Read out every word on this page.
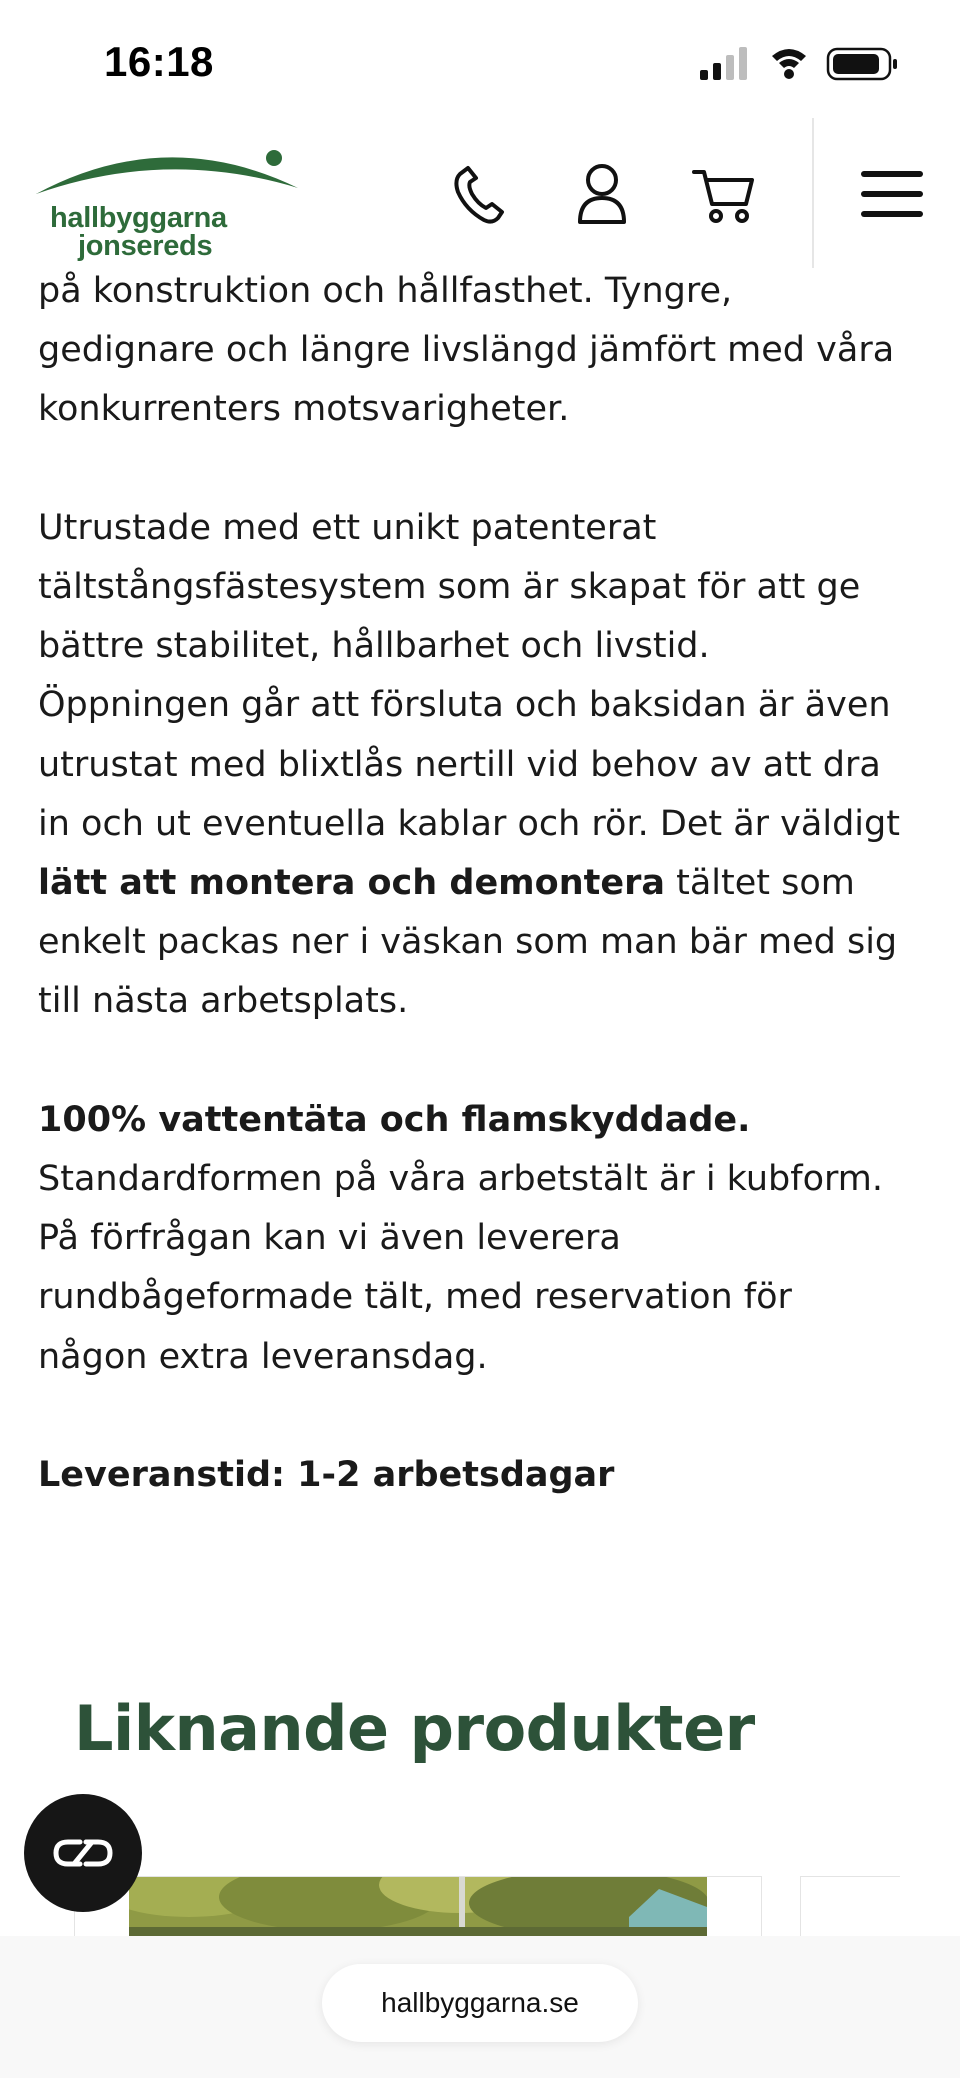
16:18
hallbyggarna
jonsereds
på konstruktion och hållfasthet. Tyngre,
gedignare och längre livslängd jämfört med våra
konkurrenters motsvarigheter.
Utrustade med ett unikt patenterat
tältstångsfästesystem som är skapat för att ge
bättre stabilitet, hållbarhet och livstid.
Öppningen går att försluta och baksidan är även
utrustat med blixtlås nertill vid behov av att dra
in och ut eventuella kablar och rör. Det är väldigt
lätt att montera och demontera tältet som
enkelt packas ner i väskan som man bär med sig
till nästa arbetsplats.
100% vattentäta och flamskyddade.
Standardformen på våra arbetstält är i kubform.
På förfrågan kan vi även leverera
rundbågeformade tält, med reservation för
någon extra leveransdag.
Leveranstid: 1-2 arbetsdagar
Liknande produkter
hallbyggarna.se
